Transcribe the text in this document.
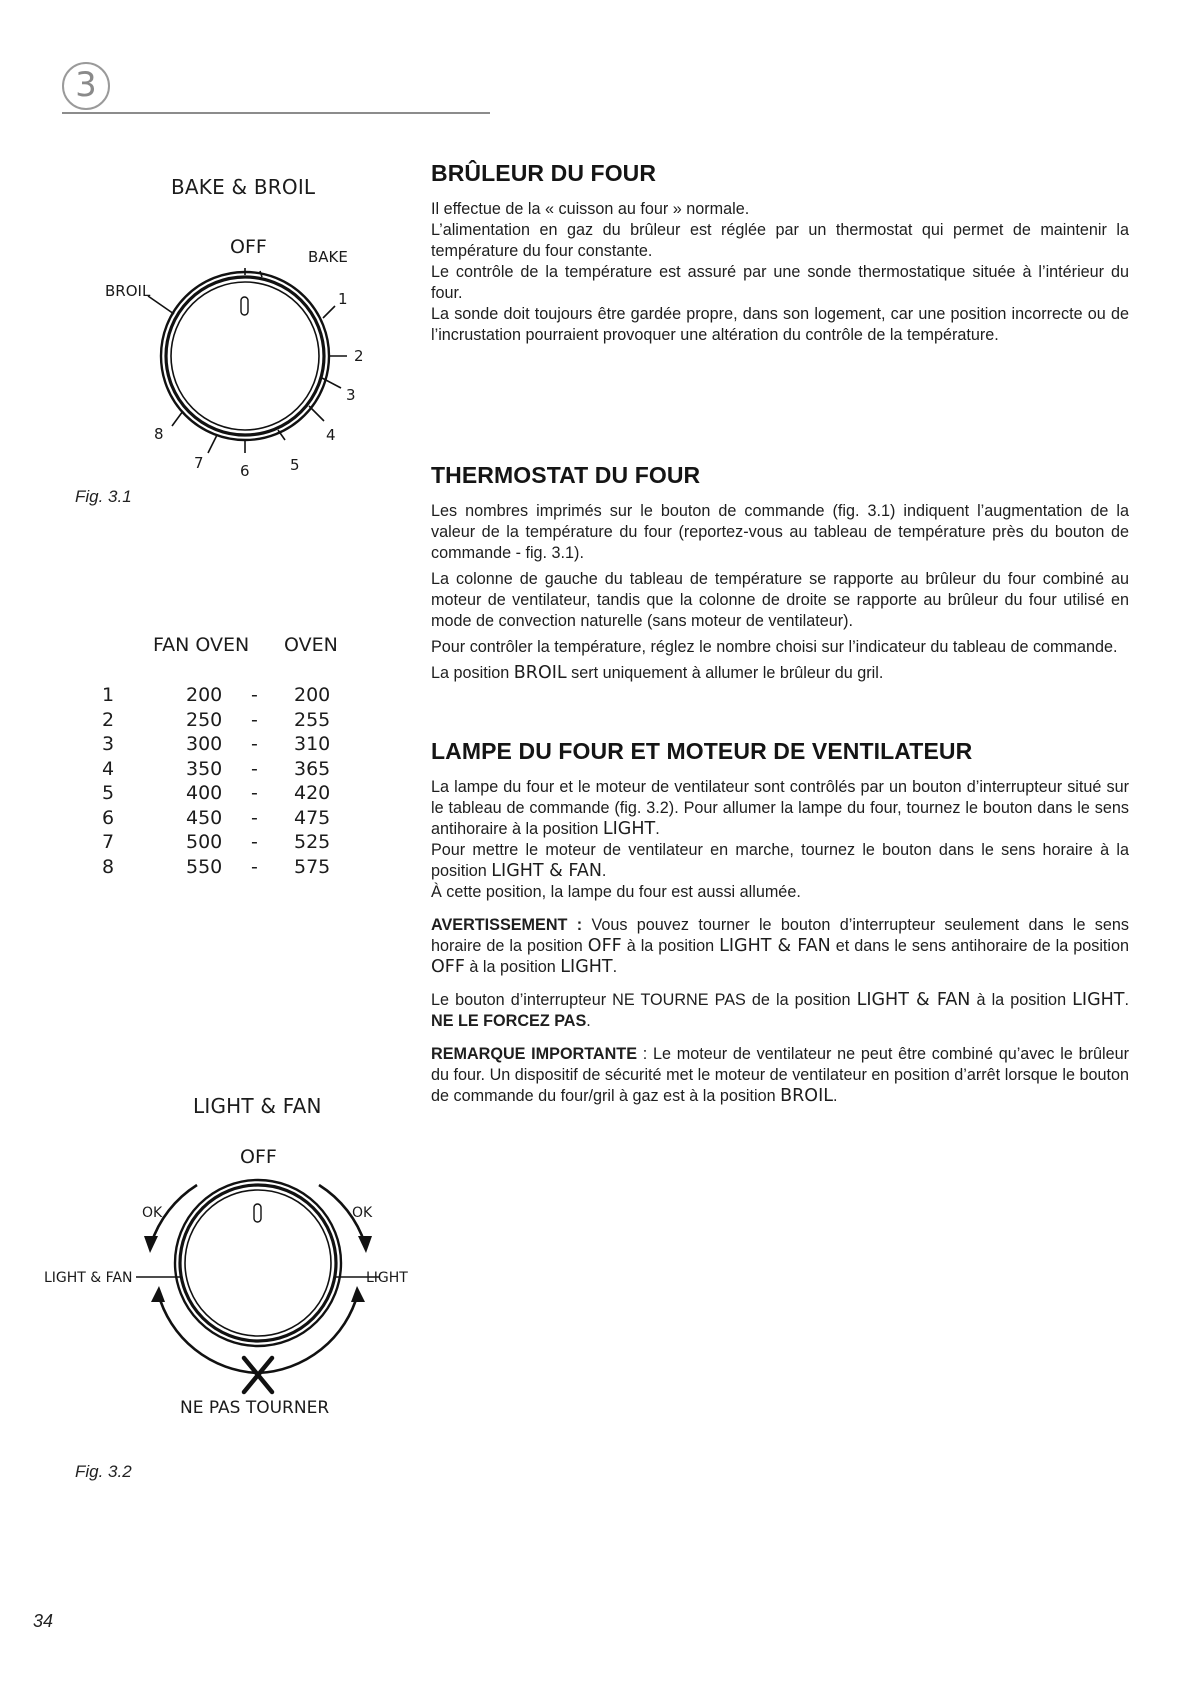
3
BAKE & BROIL
OFF	BAKE
BROIL	1
2
3
4
5
6
7
8
Fig. 3.1
FAN OVEN OVEN
1	200 - 200
2	250 - 255
3	300 - 310
4	350 - 365
5	400 - 420
6	450 - 475
7	500 - 525
8	550 - 575
LIGHT & FAN
OFF
OK	OK
LIGHT & FAN	LIGHT
NE PAS TOURNER
Fig. 3.2
BRÛLEUR DU FOUR

Il effectue de la « cuisson au four » normale.

L’alimentation en gaz du brûleur est réglée par un thermostat qui permet de maintenir la température du four constante.

Le contrôle de la température est assuré par une sonde thermostatique située à l’intérieur du four.

La sonde doit toujours être gardée propre, dans son logement, car une position incorrecte ou de l’incrustation pourraient provoquer une altération du contrôle de la température.

THERMOSTAT DU FOUR

Les nombres imprimés sur le bouton de commande (fig. 3.1) indiquent l’augmentation de la valeur de la température du four (reportez-vous au tableau de température près du bouton de commande - fig. 3.1).

La colonne de gauche du tableau de température se rapporte au brûleur du four combiné au moteur de ventilateur, tandis que la colonne de droite se rapporte au brûleur du four utilisé en mode de convection naturelle (sans moteur de ventilateur).

Pour contrôler la température, réglez le nombre choisi sur l’indicateur du tableau de commande.

La position BROIL sert uniquement à allumer le brûleur du gril.

LAMPE DU FOUR ET MOTEUR DE VENTILATEUR

La lampe du four et le moteur de ventilateur sont contrôlés par un bouton d’interrupteur situé sur le tableau de commande (fig. 3.2). Pour allumer la lampe du four, tournez le bouton dans le sens antihoraire à la position LIGHT.

Pour mettre le moteur de ventilateur en marche, tournez le bouton dans le sens horaire à la position LIGHT & FAN.

À cette position, la lampe du four est aussi allumée.

AVERTISSEMENT : Vous pouvez tourner le bouton d’interrupteur seulement dans le sens horaire de la position OFF à la position LIGHT & FAN et dans le sens antihoraire de la position OFF à la position LIGHT.

Le bouton d’interrupteur NE TOURNE PAS de la position LIGHT & FAN à la position LIGHT. NE LE FORCEZ PAS.

REMARQUE IMPORTANTE : Le moteur de ventilateur ne peut être combiné qu’avec le brûleur du four. Un dispositif de sécurité met le moteur de ventilateur en position d’arrêt lorsque le bouton de commande du four/gril à gaz est à la position BROIL.

34
